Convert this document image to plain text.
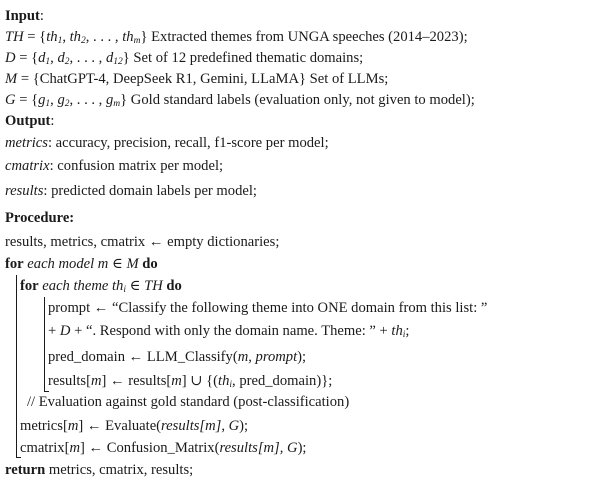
Input:
TH = {$th_1$, $th_2$, . . . , $th_m$} Extracted themes from UNGA speeches (2014–2023);
$D = \{d_1$, $d_2$, . . . , $d_{12}$} Set of 12 predefined thematic domains;
M = {ChatGPT-4, DeepSeek R1, Gemini, LLaMA} Set of LLMs;
$G = \{g_1$, $g_2$, . . . , $g_m$} Gold standard labels (evaluation only, not given to model);
Output:
metrics: accuracy, precision, recall, f1-score per model;
cmatrix: confusion matrix per model;
results: predicted domain labels per model;
Procedure:
results, metrics, cmatrix ← empty dictionaries;
for each model m ∈ M do
for each theme $th_i$ ∈ TH do
prompt ← “Classify the following theme into ONE domain from this list: ”
+ D + “. Respond with only the domain name. Theme: ” + $th_i$;
pred_domain ← LLM_Classify(m, prompt);
results[m] ← results[m] ∪ {($th_i$, pred_domain)};
// Evaluation against gold standard (post-classification)
metrics[m] ← Evaluate(results[m], G);
cmatrix[m] ← Confusion_Matrix(results[m], G);
return metrics, cmatrix, results;
